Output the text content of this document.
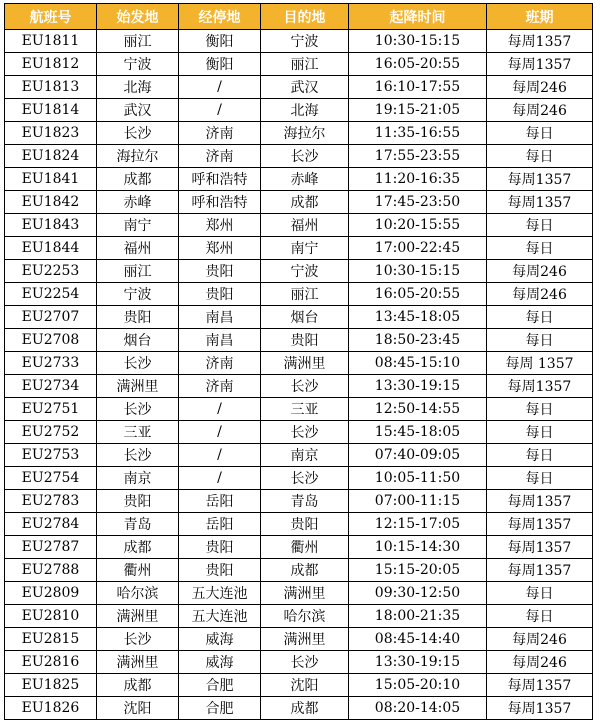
航班号	始发地	经停地	目的地	起降时间	班期
EU1811	丽江	衡阳	宁波	10:30-15:15	每周1357
EU1812	宁波	衡阳	丽江	16:05-20:55	每周1357
EU1813	北海	/	武汉	16:10-17:55	每周246
EU1814	武汉	/	北海	19:15-21:05	每周246
EU1823	长沙	济南	海拉尔	11:35-16:55	每日
EU1824	海拉尔	济南	长沙	17:55-23:55	每日
EU1841	成都	呼和浩特	赤峰	11:20-16:35	每周1357
EU1842	赤峰	呼和浩特	成都	17:45-23:50	每周1357
EU1843	南宁	郑州	福州	10:20-15:55	每日
EU1844	福州	郑州	南宁	17:00-22:45	每日
EU2253	丽江	贵阳	宁波	10:30-15:15	每周246
EU2254	宁波	贵阳	丽江	16:05-20:55	每周246
EU2707	贵阳	南昌	烟台	13:45-18:05	每日
EU2708	烟台	南昌	贵阳	18:50-23:45	每日
EU2733	长沙	济南	满洲里	08:45-15:10	每周 1357
EU2734	满洲里	济南	长沙	13:30-19:15	每周1357
EU2751	长沙	/	三亚	12:50-14:55	每日
EU2752	三亚	/	长沙	15:45-18:05	每日
EU2753	长沙	/	南京	07:40-09:05	每日
EU2754	南京	/	长沙	10:05-11:50	每日
EU2783	贵阳	岳阳	青岛	07:00-11:15	每周1357
EU2784	青岛	岳阳	贵阳	12:15-17:05	每周1357
EU2787	成都	贵阳	衢州	10:15-14:30	每周1357
EU2788	衢州	贵阳	成都	15:15-20:05	每周1357
EU2809	哈尔滨	五大连池	满洲里	09:30-12:50	每日
EU2810	满洲里	五大连池	哈尔滨	18:00-21:35	每日
EU2815	长沙	威海	满洲里	08:45-14:40	每周246
EU2816	满洲里	威海	长沙	13:30-19:15	每周246
EU1825	成都	合肥	沈阳	15:05-20:10	每周1357
EU1826	沈阳	合肥	成都	08:20-14:05	每周1357
